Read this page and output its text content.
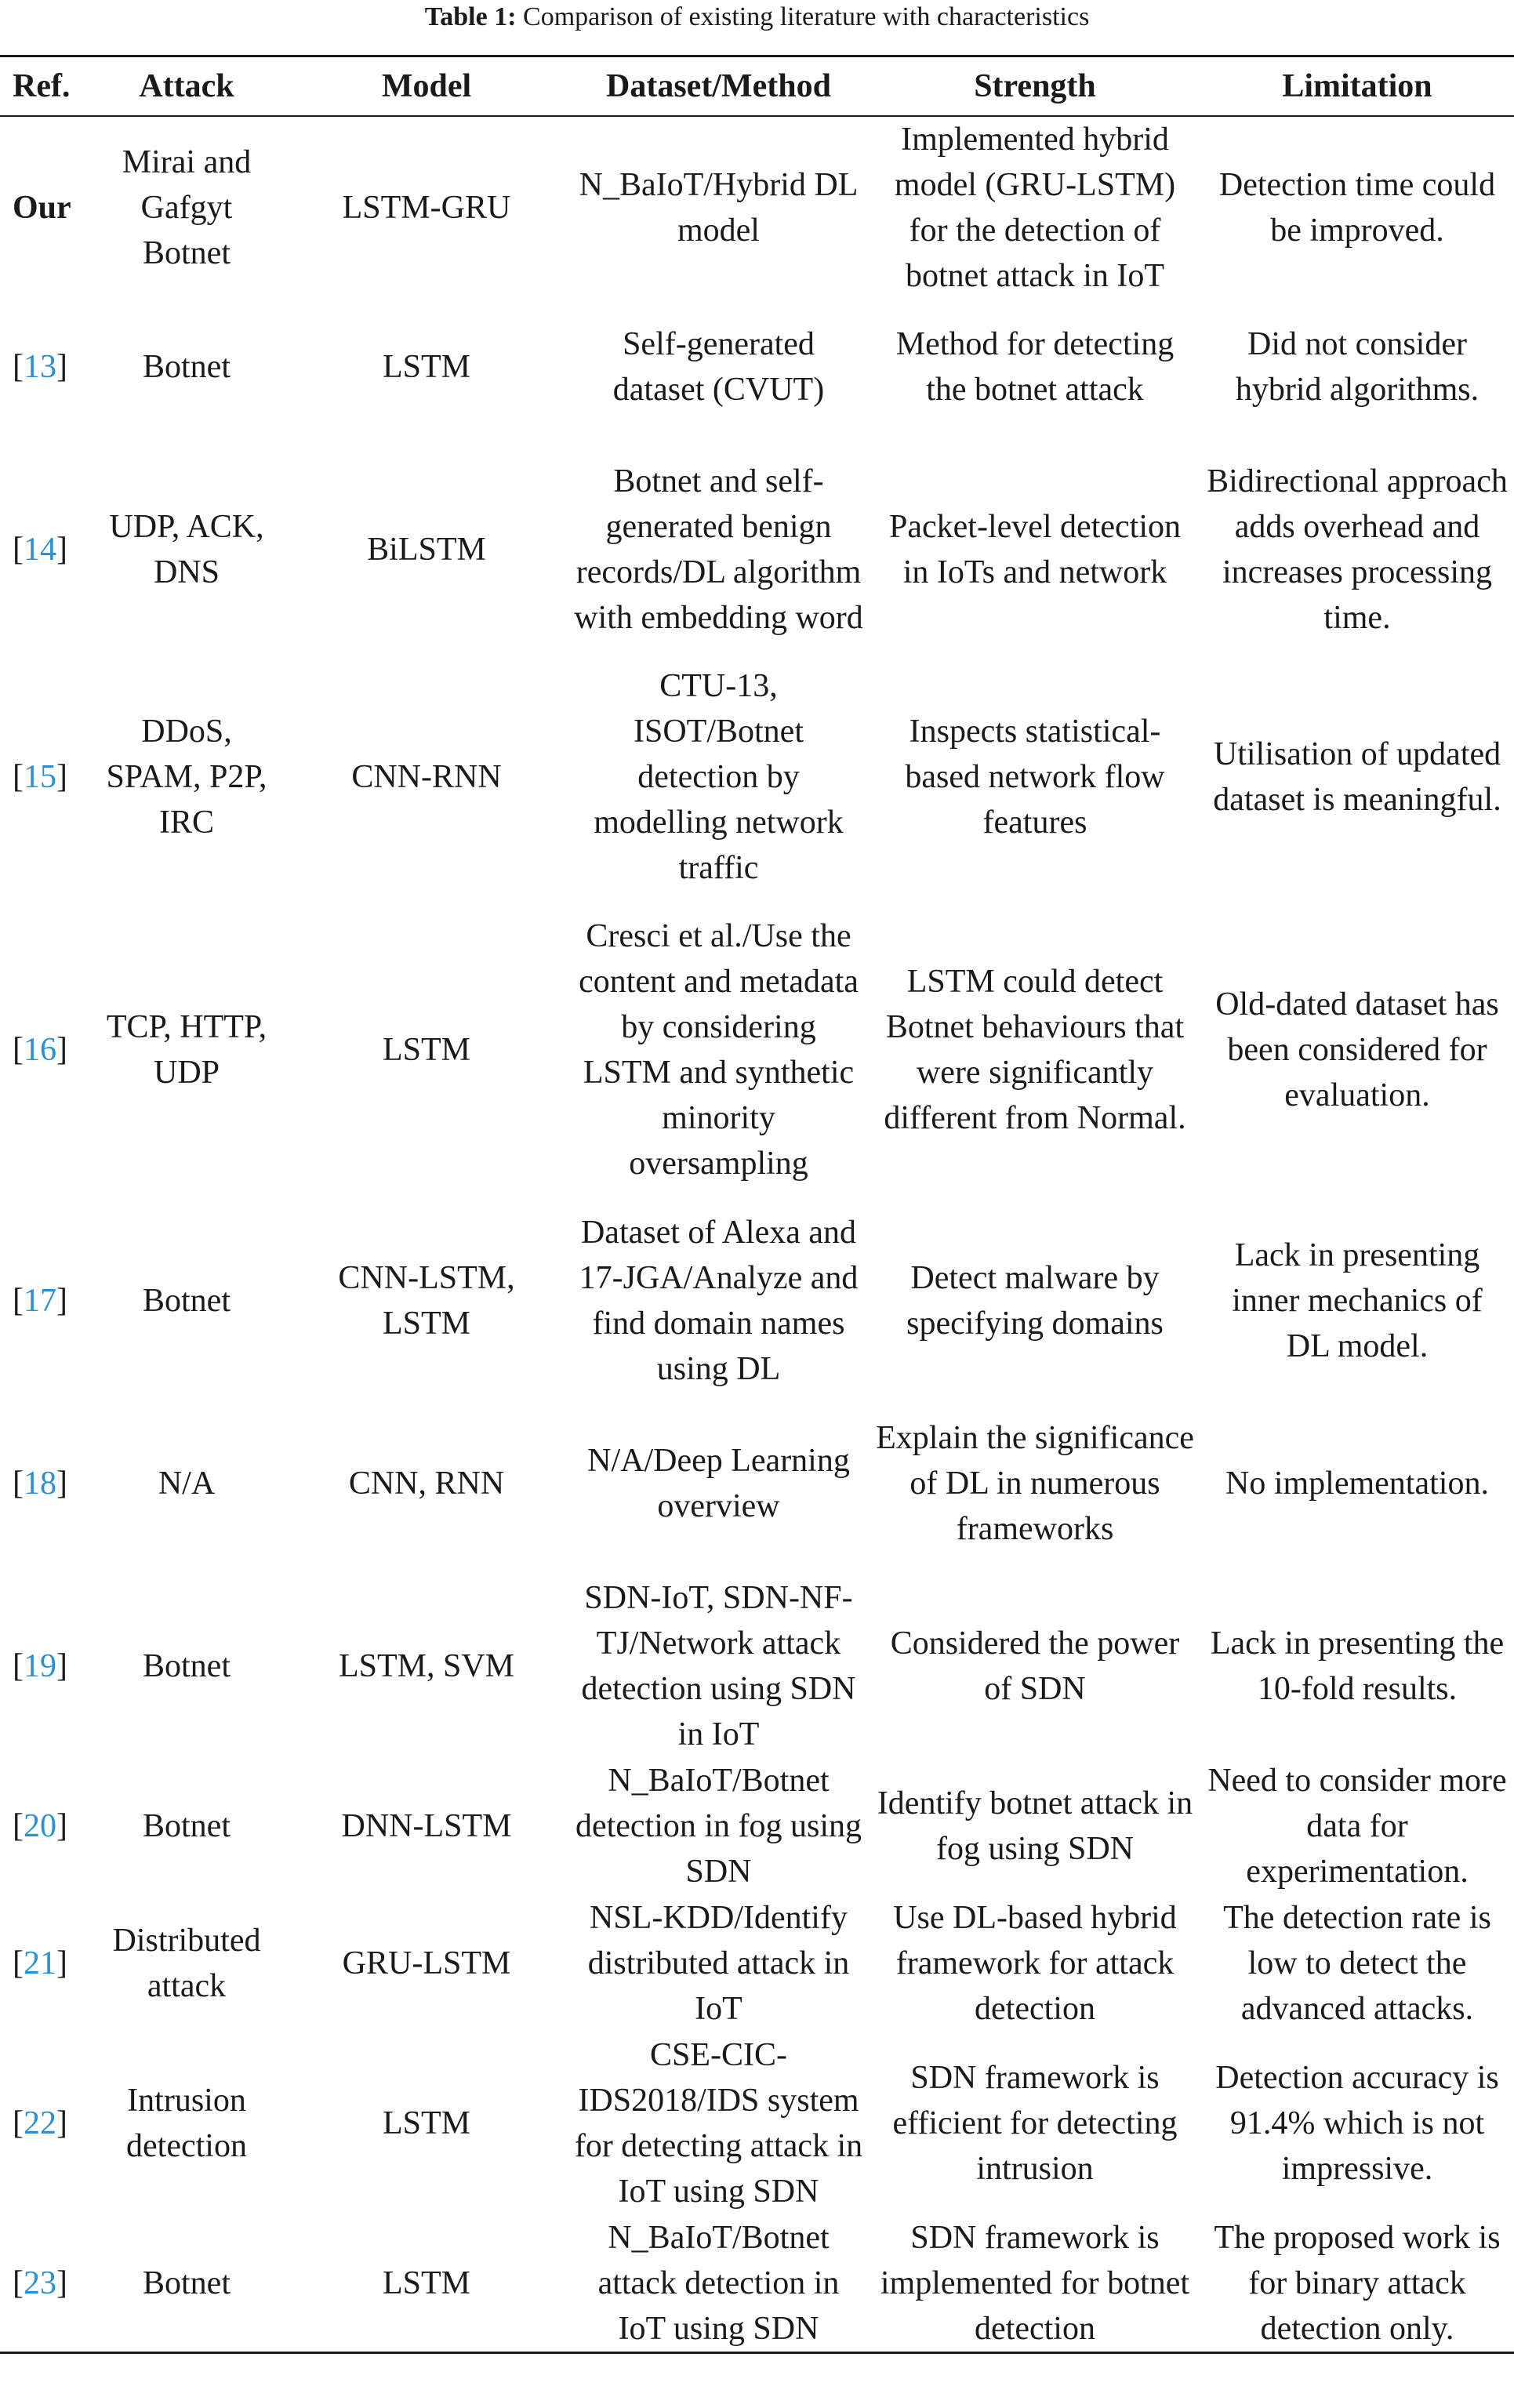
Table 1: Comparison of existing literature with characteristics
Ref.	Attack	Model	Dataset/Method	Strength	Limitation
Our	Mirai and Gafgyt Botnet	LSTM-GRU	N_BaIoT/Hybrid DL model	Implemented hybrid model (GRU-LSTM) for the detection of botnet attack in IoT	Detection time could be improved.
[13]	Botnet	LSTM	Self-generated dataset (CVUT)	Method for detecting the botnet attack	Did not consider hybrid algorithms.
[14]	UDP, ACK, DNS	BiLSTM	Botnet and self-generated benign records/DL algorithm with embedding word	Packet-level detection in IoTs and network	Bidirectional approach adds overhead and increases processing time.
[15]	DDoS, SPAM, P2P, IRC	CNN-RNN	CTU-13, ISOT/Botnet detection by modelling network traffic	Inspects statistical-based network flow features	Utilisation of updated dataset is meaningful.
[16]	TCP, HTTP, UDP	LSTM	Cresci et al./Use the content and metadata by considering LSTM and synthetic minority oversampling	LSTM could detect Botnet behaviours that were significantly different from Normal.	Old-dated dataset has been considered for evaluation.
[17]	Botnet	CNN-LSTM, LSTM	Dataset of Alexa and 17-JGA/Analyze and find domain names using DL	Detect malware by specifying domains	Lack in presenting inner mechanics of DL model.
[18]	N/A	CNN, RNN	N/A/Deep Learning overview	Explain the significance of DL in numerous frameworks	No implementation.
[19]	Botnet	LSTM, SVM	SDN-IoT, SDN-NF-TJ/Network attack detection using SDN in IoT	Considered the power of SDN	Lack in presenting the 10-fold results.
[20]	Botnet	DNN-LSTM	N_BaIoT/Botnet detection in fog using SDN	Identify botnet attack in fog using SDN	Need to consider more data for experimentation.
[21]	Distributed attack	GRU-LSTM	NSL-KDD/Identify distributed attack in IoT	Use DL-based hybrid framework for attack detection	The detection rate is low to detect the advanced attacks.
[22]	Intrusion detection	LSTM	CSE-CIC-IDS2018/IDS system for detecting attack in IoT using SDN	SDN framework is efficient for detecting intrusion	Detection accuracy is 91.4% which is not impressive.
[23]	Botnet	LSTM	N_BaIoT/Botnet attack detection in IoT using SDN	SDN framework is implemented for botnet detection	The proposed work is for binary attack detection only.
